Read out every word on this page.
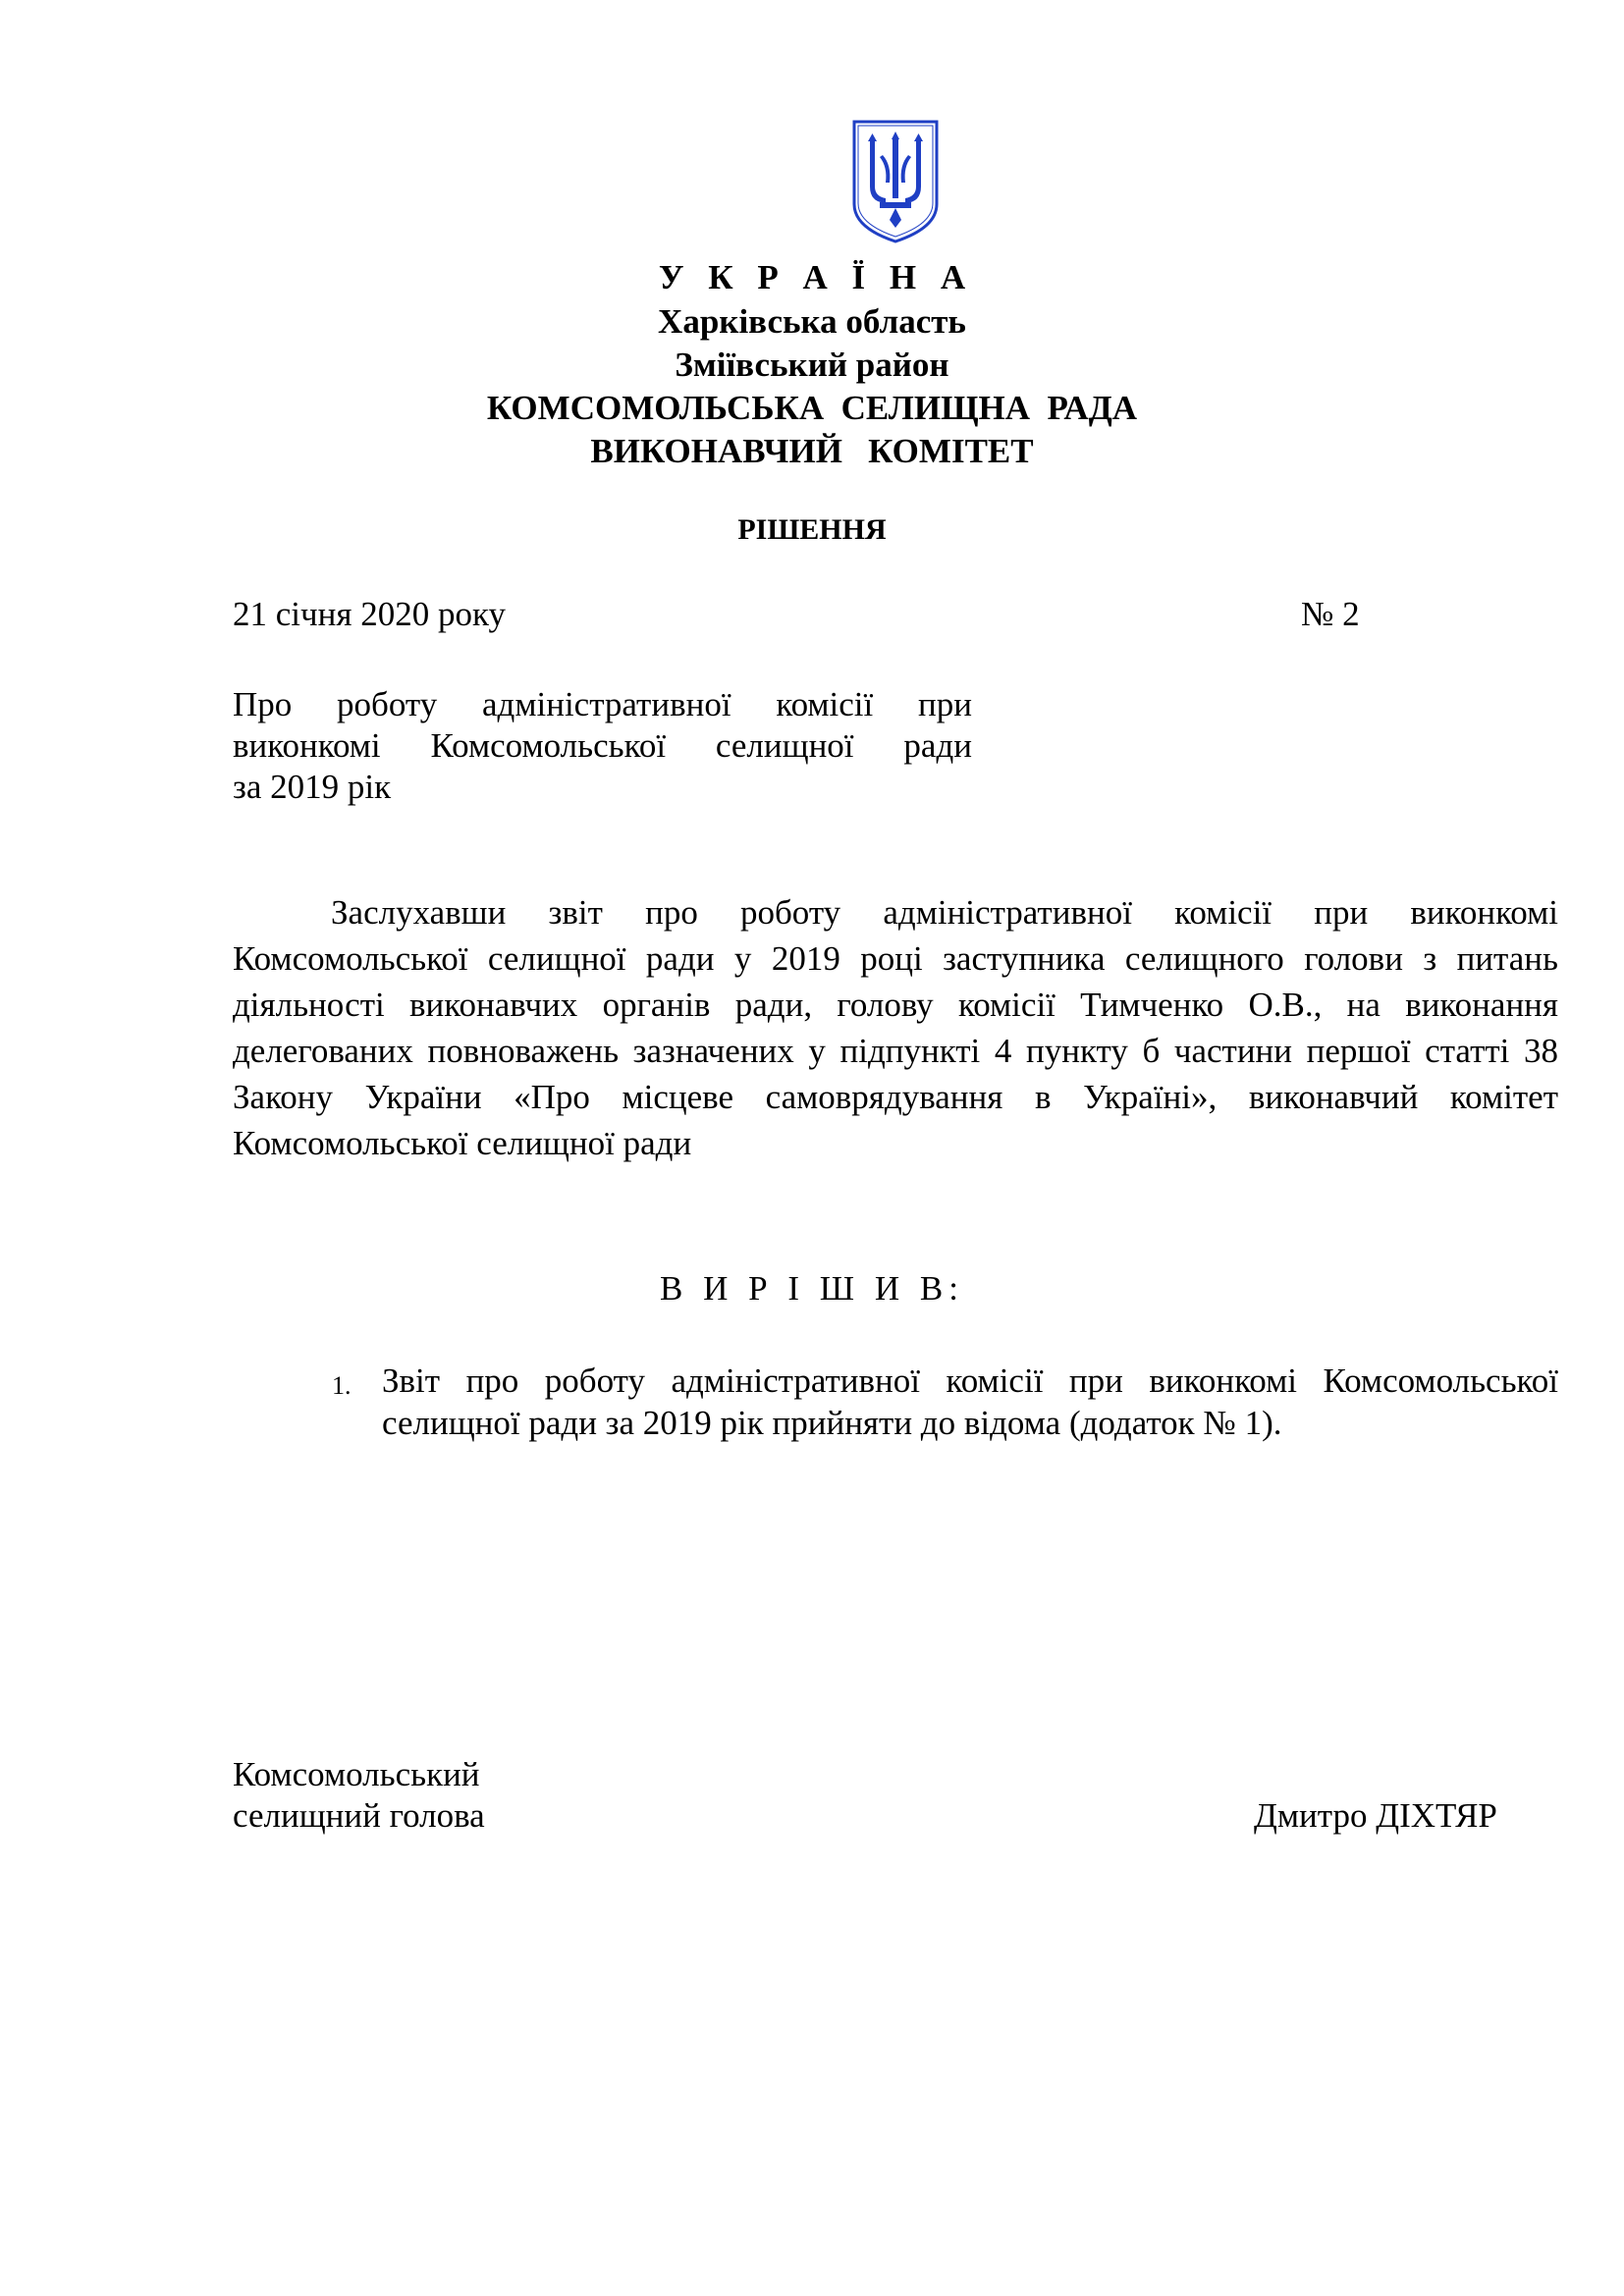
У К Р А Ї Н А
Харківська область
Зміївський район
КОМСОМОЛЬСЬКА  СЕЛИЩНА  РАДА
ВИКОНАВЧИЙ   КОМІТЕТ
РІШЕННЯ
21 січня 2020 року	№ 2
Про роботу адміністративної комісії при
виконкомі Комсомольської селищної ради
за 2019 рік
Заслухавши звіт про роботу адміністративної комісії при виконкомі Комсомольської селищної ради у 2019 році заступника селищного голови з питань діяльності виконавчих органів ради, голову комісії Тимченко О.В., на виконання делегованих повноважень зазначених у підпункті 4 пункту б частини першої статті 38 Закону України «Про місцеве самоврядування в Україні», виконавчий комітет Комсомольської селищної ради
В И Р І Ш И В:
1. Звіт про роботу адміністративної комісії при виконкомі Комсомольської селищної ради за 2019 рік прийняти до відома (додаток № 1).
Комсомольський
селищний голова	Дмитро ДІХТЯР
